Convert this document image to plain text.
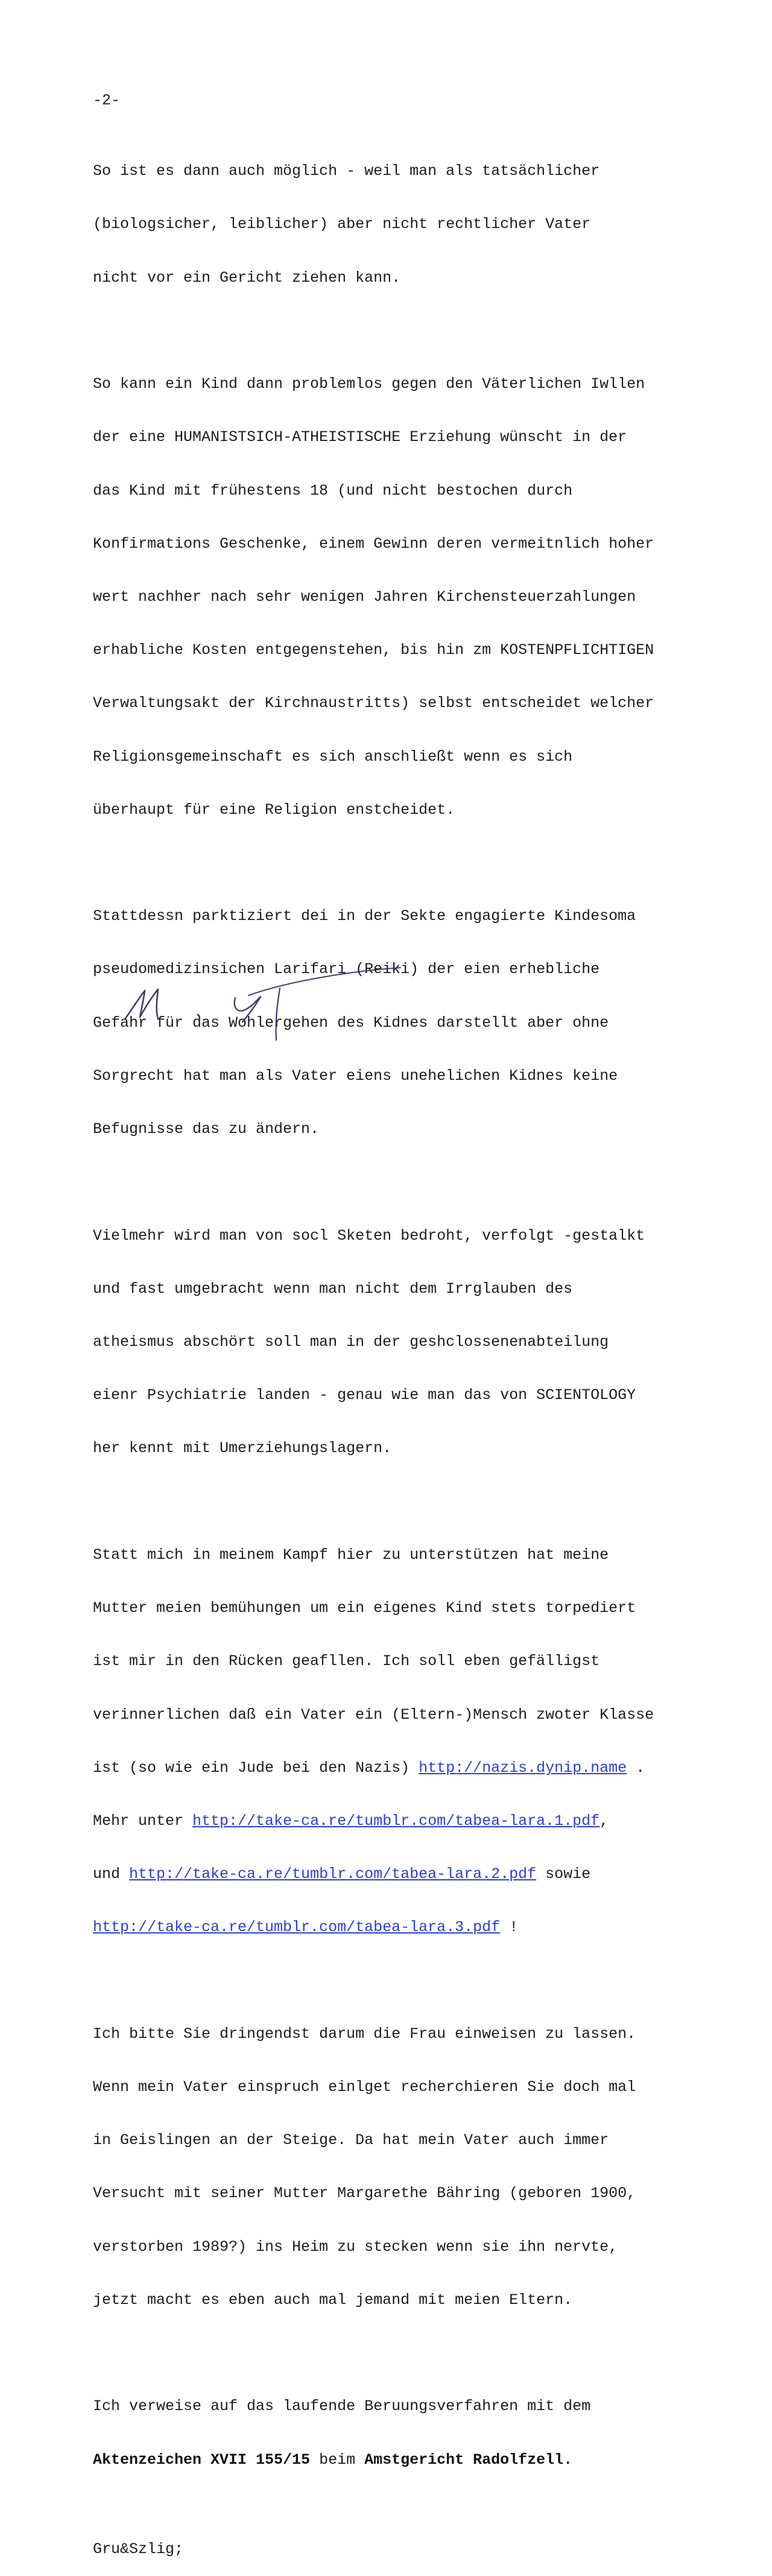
-2-

So ist es dann auch möglich - weil man als tatsächlicher

(biologsicher, leiblicher) aber nicht rechtlicher Vater

nicht vor ein Gericht ziehen kann.

So kann ein Kind dann problemlos gegen den Väterlichen Iwllen

der eine HUMANISTSICH-ATHEISTISCHE Erziehung wünscht in der

das Kind mit frühestens 18 (und nicht bestochen durch

Konfirmations Geschenke, einem Gewinn deren vermeitnlich hoher

wert nachher nach sehr wenigen Jahren Kirchensteuerzahlungen

erhabliche Kosten entgegenstehen, bis hin zm KOSTENPFLICHTIGEN

Verwaltungsakt der Kirchnaustritts) selbst entscheidet welcher

Religionsgemeinschaft es sich anschließt wenn es sich

überhaupt für eine Religion enstcheidet.

Stattdessn parktiziert dei in der Sekte engagierte Kindesoma

pseudomedizinsichen Larifari (Reiki) der eien erhebliche

Gefahr für das Wohlergehen des Kidnes darstellt aber ohne

Sorgrecht hat man als Vater eiens unehelichen Kidnes keine

Befugnisse das zu ändern.

Vielmehr wird man von socl Sketen bedroht, verfolgt -gestalkt

und fast umgebracht wenn man nicht dem Irrglauben des

atheismus abschört soll man in der geshclossenenabteilung

eienr Psychiatrie landen - genau wie man das von SCIENTOLOGY

her kennt mit Umerziehungslagern.

Statt mich in meinem Kampf hier zu unterstützen hat meine

Mutter meien bemühungen um ein eigenes Kind stets torpediert

ist mir in den Rücken geafllen. Ich soll eben gefälligst

verinnerlichen daß ein Vater ein (Eltern-)Mensch zwoter Klasse

ist (so wie ein Jude bei den Nazis) http://nazis.dynip.name .

Mehr unter http://take-ca.re/tumblr.com/tabea-lara.1.pdf,

und http://take-ca.re/tumblr.com/tabea-lara.2.pdf sowie

http://take-ca.re/tumblr.com/tabea-lara.3.pdf !

Ich bitte Sie dringendst darum die Frau einweisen zu lassen.

Wenn mein Vater einspruch einlget recherchieren Sie doch mal

in Geislingen an der Steige. Da hat mein Vater auch immer

Versucht mit seiner Mutter Margarethe Bähring (geboren 1900,

verstorben 1989?) ins Heim zu stecken wenn sie ihn nervte,

jetzt macht es eben auch mal jemand mit meien Eltern.

Ich verweise auf das laufende Beruungsverfahren mit dem

Aktenzeichen XVII 155/15 beim Amstgericht Radolfzell.

Gru&Szlig;
